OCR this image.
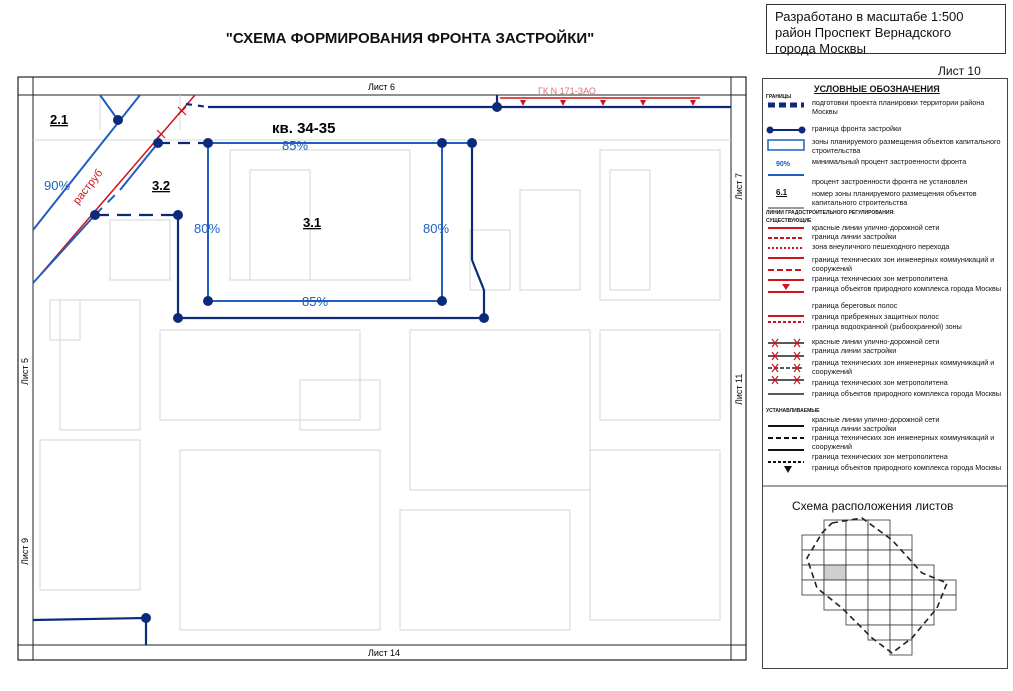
"СХЕМА ФОРМИРОВАНИЯ ФРОНТА ЗАСТРОЙКИ"
Разработано в масштабе 1:500
район Проспект Вернадского
города Москвы
Лист 10
2.1
3.2
3.1
кв. 34-35
90%
85%
85%
80%	80%
раструб
ГК N 171-ЗАО
Лист 6
Лист 14
Лист 5
Лист 9
Лист 7
Лист 11
УСЛОВНЫЕ ОБОЗНАЧЕНИЯ
ГРАНИЦЫ
подготовки проекта планировки территории района Москвы
граница фронта застройки
зоны планируемого размещения объектов капитального строительства
90%	минимальный процент застроенности фронта
процент застроенности фронта не установлен
6.1	номер зоны планируемого размещения объектов капитального строительства
ЛИНИИ ГРАДОСТРОИТЕЛЬНОГО РЕГУЛИРОВАНИЯ:
СУЩЕСТВУЮЩИЕ
красные линии улично-дорожной сети
граница линии застройки
зона внеуличного пешеходного перехода
граница технических зон инженерных коммуникаций и сооружений
граница технических зон метрополитена
граница объектов природного комплекса города Москвы
граница береговых полос
граница прибрежных защитных полос
граница водоохранной (рыбоохранной) зоны
красные линии улично-дорожной сети
граница линии застройки
граница технических зон инженерных коммуникаций и сооружений
граница технических зон метрополитена
граница объектов природного комплекса города Москвы
УСТАНАВЛИВАЕМЫЕ
красные линии улично-дорожной сети
граница линии застройки
граница технических зон инженерных коммуникаций и сооружений
граница технических зон метрополитена
граница объектов природного комплекса города Москвы
Схема расположения листов
